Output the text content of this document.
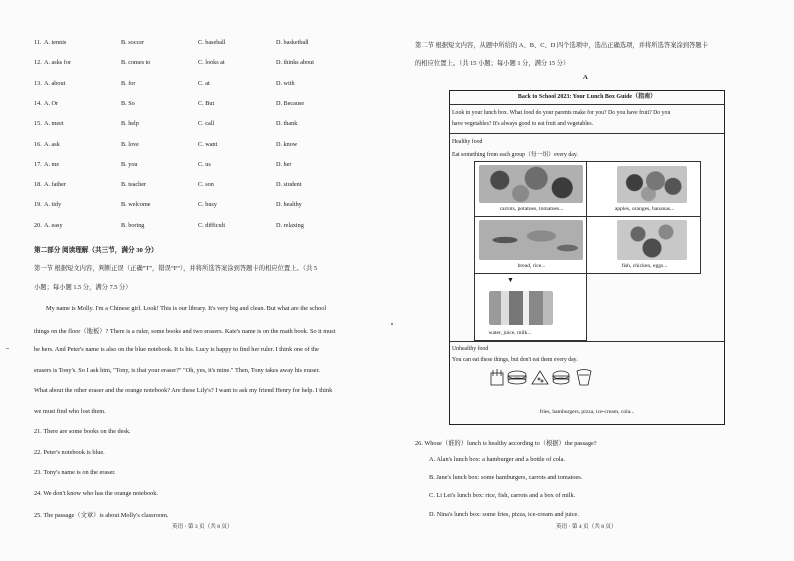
11. A. tennis	B. soccer	C. baseball	D. basketball
12. A. asks for	B. comes to	C. looks at	D. thinks about
13. A. about	B. for	C. at	D. with
14. A. Or	B. So	C. But	D. Because
15. A. meet	B. help	C. call	D. thank
16. A. ask	B. love	C. want	D. know
17. A. me	B. you	C. us	D. her
18. A. father	B. teacher	C. son	D. student
19. A. tidy	B. welcome	C. busy	D. healthy
20. A. easy	B. boring	C. difficult	D. relaxing
第二部分 阅读理解（共三节，满分 30 分）
第一节 根据短文内容，判断正误（正确“T”，错误“F”），并将所选答案涂到答题卡的相应位置上。（共 5
小题；每小题 1.5 分，满分 7.5 分）
My name is Molly. I'm a Chinese girl. Look! This is our library. It's very big and clean. But what are the school
things on the floor（地板）? There is a ruler, some books and two erasers. Kate's name is on the math book. So it must
be hers. And Peter's name is also on the blue notebook. It is his. Lucy is happy to find her ruler. I think one of the
erasers is Tony's. So I ask him, "Tony, is that your eraser?" "Oh, yes, it's mine." Then, Tony takes away his eraser.
What about the other eraser and the orange notebook? Are these Lily's? I want to ask my friend Henry for help. I think
we must find who lost them.
21. There are some books on the desk.
22. Peter's notebook is blue.
23. Tony's name is on the eraser.
24. We don't know who has the orange notebook.
25. The passage（文章）is about Molly's classroom.
英语 · 第 3 页（共 8 页）
第二节 根据短文内容，从题中所给的 A、B、C、D 四个选项中，选出正确选项，并将所选答案涂到答题卡
的相应位置上。（共 15 小题；每小题 1 分，满分 15 分）
A
Back to School 2023: Your Lunch Box Guide（指南）
Look in your lunch box. What food do your parents make for you? Do you have fruit? Do you
have vegetables? It's always good to eat fruit and vegetables.
Healthy food
Eat something from each group（每一组）every day.
carrots, potatoes, tomatoes...	apples, oranges, bananas...
bread, rice...	fish, chicken, eggs...
▼
water, juice, milk...
Unhealthy food
You can eat these things, but don't eat them every day.
fries, hamburgers, pizza, ice-cream, cola...
26. Whose（谁的）lunch is healthy according to（根据）the passage?
A. Alan's lunch box: a hamburger and a bottle of cola.
B. Jane's lunch box: some hamburgers, carrots and tomatoes.
C. Li Lei's lunch box: rice, fish, carrots and a box of milk.
D. Nina's lunch box: some fries, pizza, ice-cream and juice.
英语 · 第 4 页（共 8 页）
